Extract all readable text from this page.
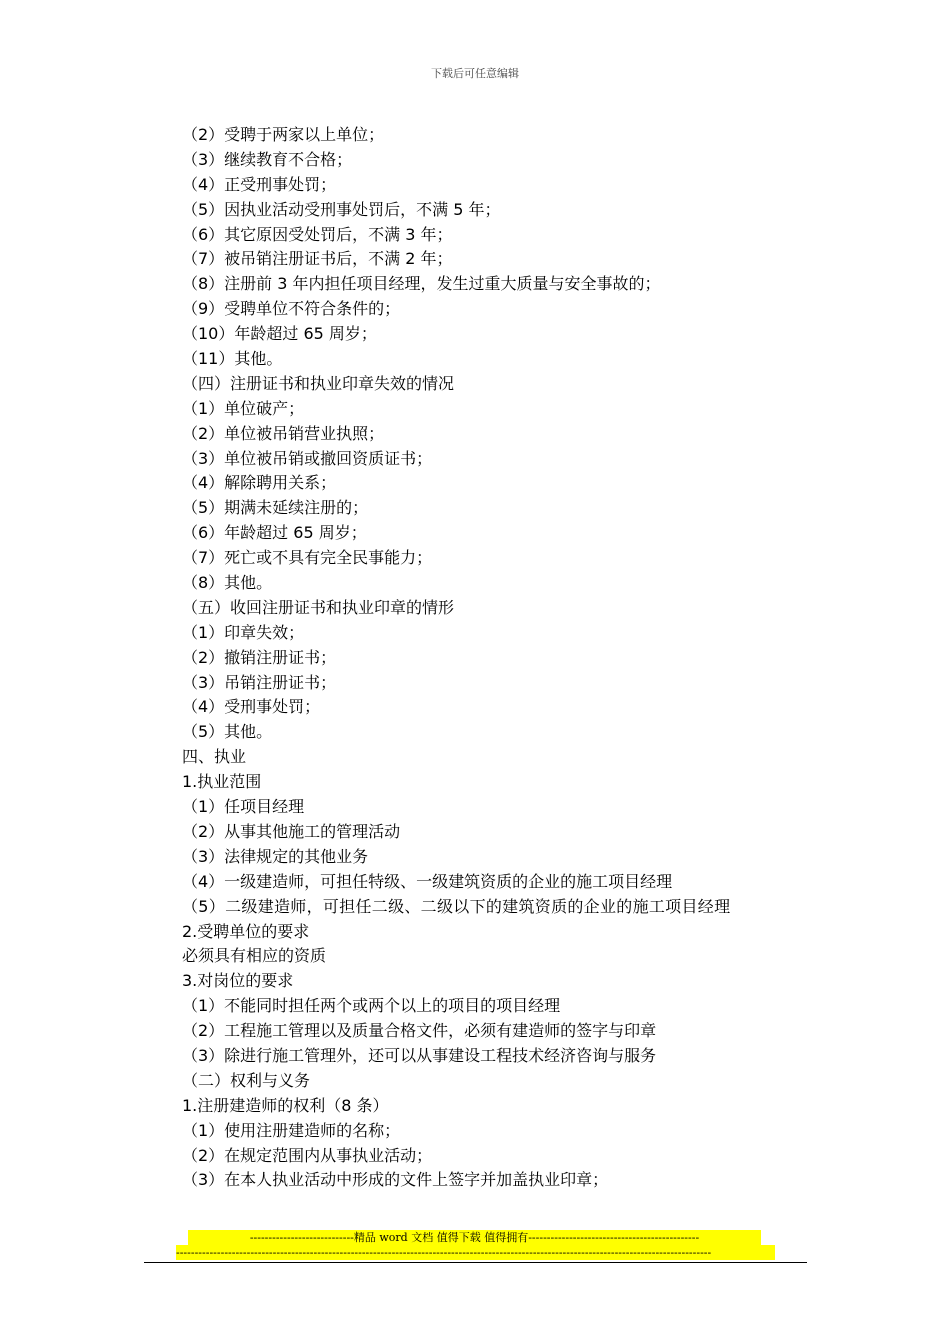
下载后可任意编辑
（2）受聘于两家以上单位；
（3）继续教育不合格；
（4）正受刑事处罚；
（5）因执业活动受刑事处罚后，不满 5 年；
（6）其它原因受处罚后，不满 3 年；
（7）被吊销注册证书后，不满 2 年；
（8）注册前 3 年内担任项目经理，发生过重大质量与安全事故的；
（9）受聘单位不符合条件的；
（10）年龄超过 65 周岁；
（11）其他。
（四）注册证书和执业印章失效的情况
（1）单位破产；
（2）单位被吊销营业执照；
（3）单位被吊销或撤回资质证书；
（4）解除聘用关系；
（5）期满未延续注册的；
（6）年龄超过 65 周岁；
（7）死亡或不具有完全民事能力；
（8）其他。
（五）收回注册证书和执业印章的情形
（1）印章失效；
（2）撤销注册证书；
（3）吊销注册证书；
（4）受刑事处罚；
（5）其他。
四、执业
1.执业范围
（1）任项目经理
（2）从事其他施工的管理活动
（3）法律规定的其他业务
（4）一级建造师，可担任特级、一级建筑资质的企业的施工项目经理
（5）二级建造师，可担任二级、二级以下的建筑资质的企业的施工项目经理
2.受聘单位的要求
必须具有相应的资质
3.对岗位的要求
（1）不能同时担任两个或两个以上的项目的项目经理
（2）工程施工管理以及质量合格文件，必须有建造师的签字与印章
（3）除进行施工管理外，还可以从事建设工程技术经济咨询与服务
（二）权利与义务
1.注册建造师的权利（8 条）
（1）使用注册建造师的名称；
（2）在规定范围内从事执业活动；
（3）在本人执业活动中形成的文件上签字并加盖执业印章；
----------------------------精品 word 文档 值得下载 值得拥有----------------------------------------------
------------------------------------------------------------------------------------------------------------------------------------------------
